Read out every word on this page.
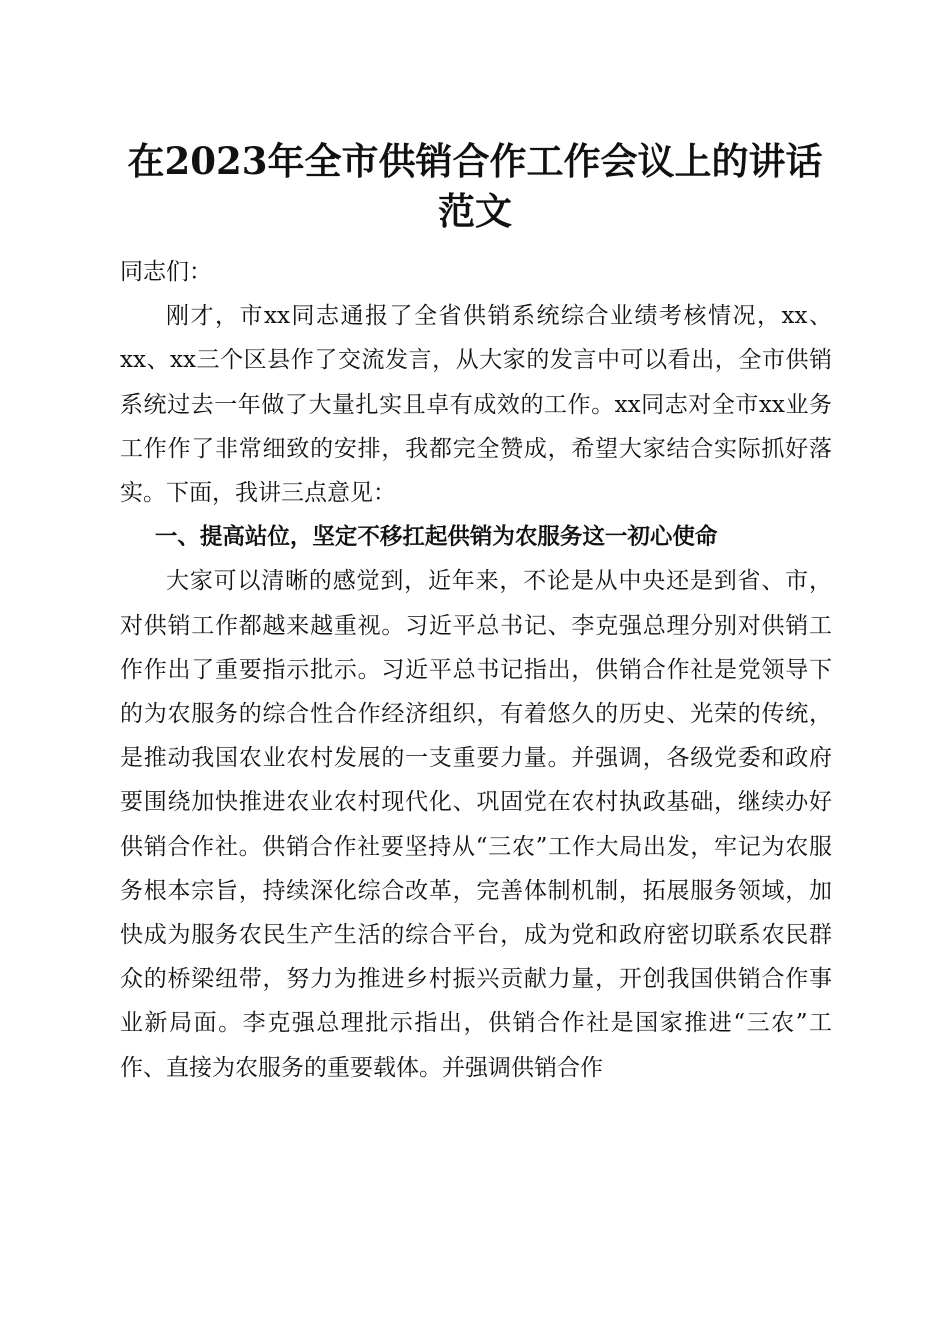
在2023年全市供销合作工作会议上的讲话范文

同志们：

刚才，市xx同志通报了全省供销系统综合业绩考核情况，xx、xx、xx三个区县作了交流发言，从大家的发言中可以看出，全市供销系统过去一年做了大量扎实且卓有成效的工作。xx同志对全市xx业务工作作了非常细致的安排，我都完全赞成，希望大家结合实际抓好落实。下面，我讲三点意见：

一、提高站位，坚定不移扛起供销为农服务这一初心使命

大家可以清晰的感觉到，近年来，不论是从中央还是到省、市，对供销工作都越来越重视。习近平总书记、李克强总理分别对供销工作作出了重要指示批示。习近平总书记指出，供销合作社是党领导下的为农服务的综合性合作经济组织，有着悠久的历史、光荣的传统，是推动我国农业农村发展的一支重要力量。并强调，各级党委和政府要围绕加快推进农业农村现代化、巩固党在农村执政基础，继续办好供销合作社。供销合作社要坚持从“三农”工作大局出发，牢记为农服务根本宗旨，持续深化综合改革，完善体制机制，拓展服务领域，加快成为服务农民生产生活的综合平台，成为党和政府密切联系农民群众的桥梁纽带，努力为推进乡村振兴贡献力量，开创我国供销合作事业新局面。李克强总理批示指出，供销合作社是国家推进“三农”工作、直接为农服务的重要载体。并强调供销合作
